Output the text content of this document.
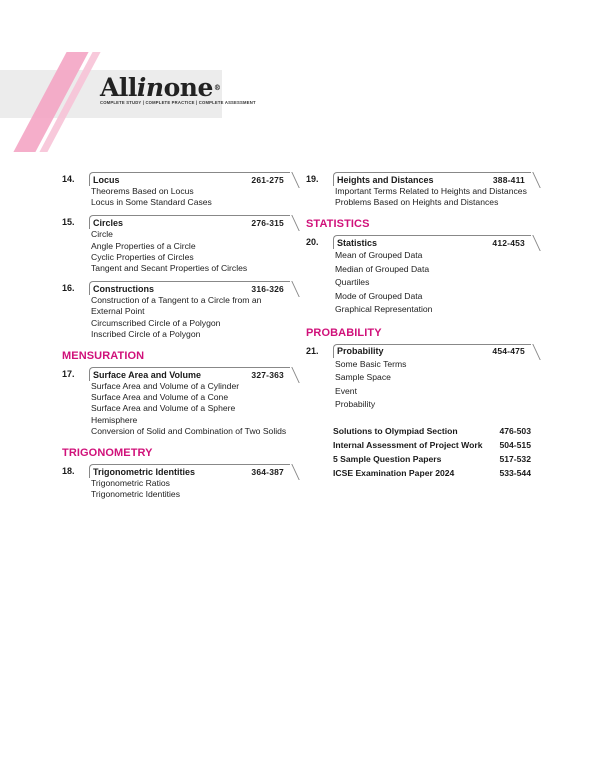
Allinone®
COMPLETE STUDY | COMPLETE PRACTICE | COMPLETE ASSESSMENT
14.	Locus	261-275
Theorems Based on Locus
Locus in Some Standard Cases
15.	Circles	276-315
Circle
Angle Properties of a Circle
Cyclic Properties of Circles
Tangent and Secant Properties of Circles
16.	Constructions	316-326
Construction of a Tangent to a Circle from an
External Point
Circumscribed Circle of a Polygon
Inscribed Circle of a Polygon
MENSURATION
17.	Surface Area and Volume	327-363
Surface Area and Volume of a Cylinder
Surface Area and Volume of a Cone
Surface Area and Volume of a Sphere
Hemisphere
Conversion of Solid and Combination of Two Solids
TRIGONOMETRY
18.	Trigonometric Identities	364-387
Trigonometric Ratios
Trigonometric Identities
19.	Heights and Distances	388-411
Important Terms Related to Heights and Distances
Problems Based on Heights and Distances
STATISTICS
20.	Statistics	412-453
Mean of Grouped Data
Median of Grouped Data
Quartiles
Mode of Grouped Data
Graphical Representation
PROBABILITY
21.	Probability	454-475
Some Basic Terms
Sample Space
Event
Probability
Solutions to Olympiad Section	476-503
Internal Assessment of Project Work 504-515
5 Sample Question Papers	517-532
ICSE Examination Paper 2024	533-544
